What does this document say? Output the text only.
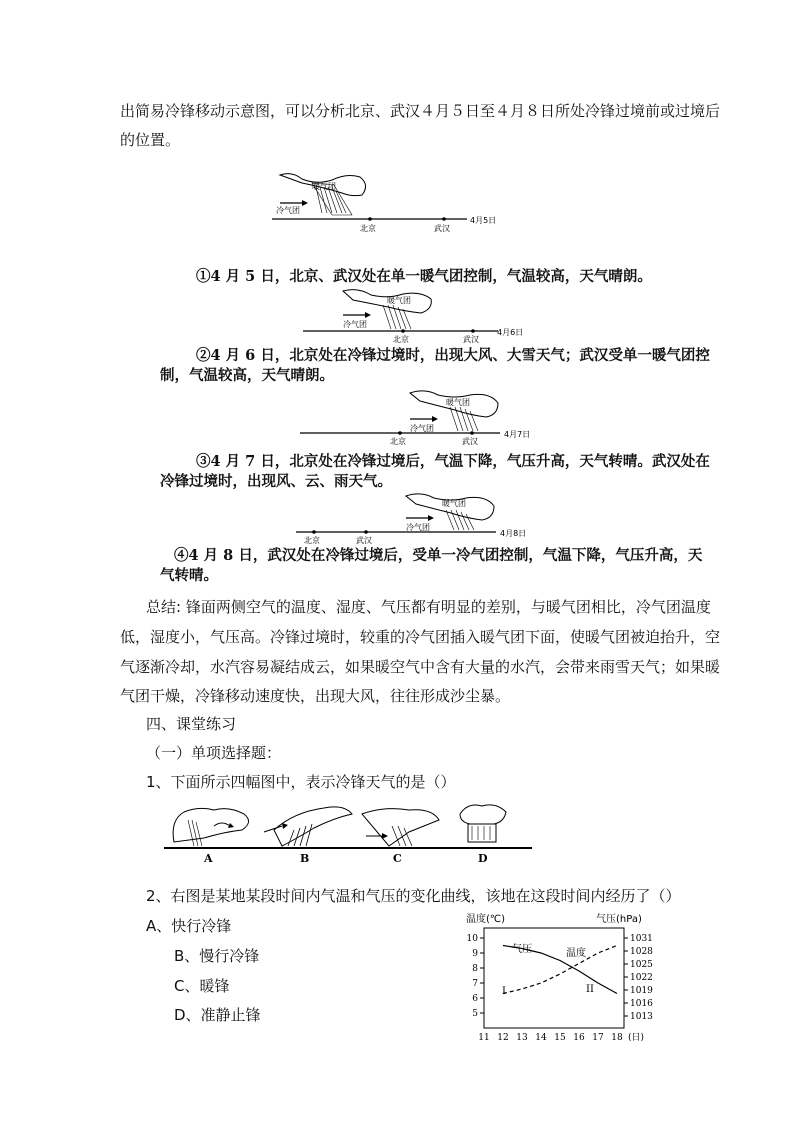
出简易冷锋移动示意图，可以分析北京、武汉４月５日至４月８日所处冷锋过境前或过境后
的位置。
暖气团
冷气团
北京	武汉
4月5日
①4 月 5 日，北京、武汉处在单一暖气团控制，气温较高，天气晴朗。
暖气团
冷气团
北京	武汉
4月6日
②4 月 6 日，北京处在冷锋过境时，出现大风、大雪天气；武汉受单一暖气团控
制，气温较高，天气晴朗。
暖气团
冷气团
北京	武汉
4月7日
③4 月 7 日，北京处在冷锋过境后，气温下降，气压升高，天气转晴。武汉处在
冷锋过境时，出现风、云、雨天气。
暖气团
冷气团
北京	武汉
4月8日
④4 月 8 日，武汉处在冷锋过境后，受单一冷气团控制，气温下降，气压升高，天
气转晴。
总结: 锋面两侧空气的温度、湿度、气压都有明显的差别，与暖气团相比，冷气团温度
低，湿度小，气压高。冷锋过境时，较重的冷气团插入暖气团下面，使暖气团被迫抬升，空
气逐渐冷却，水汽容易凝结成云，如果暖空气中含有大量的水汽，会带来雨雪天气；如果暖
气团干燥，冷锋移动速度快，出现大风，往往形成沙尘暴。
四、课堂练习
（一）单项选择题：
1、下面所示四幅图中，表示冷锋天气的是（）
A	B	C	D
2、右图是某地某段时间内气温和气压的变化曲线，该地在这段时间内经历了（）
A、快行冷锋
B、慢行冷锋
C、暖锋
D、准静止锋
温度(℃)	气压(hPa)
10
9
8
7
6
5
1031
1028
1025
1022
1019
1016
1013
11 12 13 14 15 16 17 18 (日)
气压	温度
I	II
